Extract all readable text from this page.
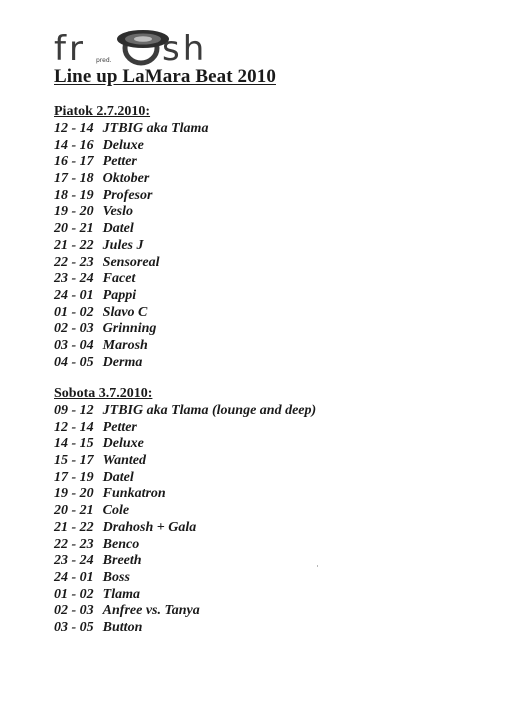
fr pred. sh
Line up LaMara Beat 2010
Piatok 2.7.2010:
12 - 14 JTBIG aka Tlama
14 - 16 Deluxe
16 - 17 Petter
17 - 18 Oktober
18 - 19 Profesor
19 - 20 Veslo
20 - 21 Datel
21 - 22 Jules J
22 - 23 Sensoreal
23 - 24 Facet
24 - 01 Pappi
01 - 02 Slavo C
02 - 03 Grinning
03 - 04 Marosh
04 - 05 Derma
Sobota 3.7.2010:
09 - 12 JTBIG aka Tlama (lounge and deep)
12 - 14 Petter
14 - 15 Deluxe
15 - 17 Wanted
17 - 19 Datel
19 - 20 Funkatron
20 - 21 Cole
21 - 22 Drahosh + Gala
22 - 23 Benco
23 - 24 Breeth
24 - 01 Boss
01 - 02 Tlama
02 - 03 Anfree vs. Tanya
03 - 05 Button
